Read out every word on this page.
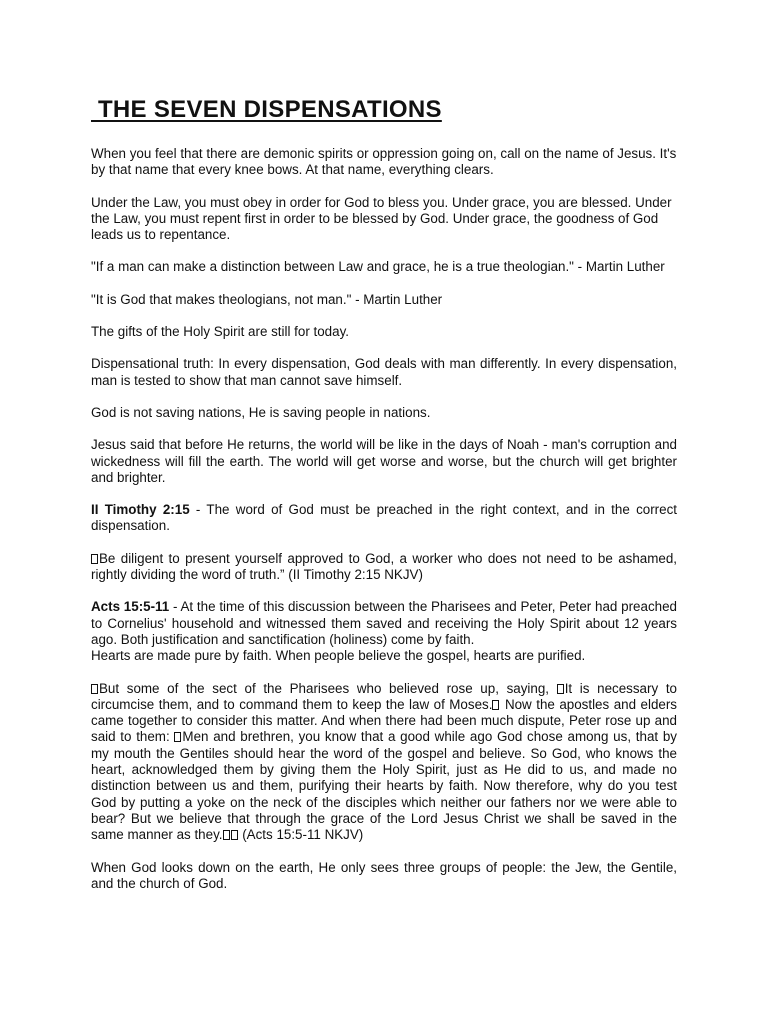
THE SEVEN DISPENSATIONS

When you feel that there are demonic spirits or oppression going on, call on the name of Jesus. It's by that name that every knee bows. At that name, everything clears.

Under the Law, you must obey in order for God to bless you. Under grace, you are blessed. Under the Law, you must repent first in order to be blessed by God. Under grace, the goodness of God leads us to repentance.

"If a man can make a distinction between Law and grace, he is a true theologian." - Martin Luther

"It is God that makes theologians, not man." - Martin Luther

The gifts of the Holy Spirit are still for today.

Dispensational truth: In every dispensation, God deals with man differently. In every dispensation, man is tested to show that man cannot save himself.

God is not saving nations, He is saving people in nations.

Jesus said that before He returns, the world will be like in the days of Noah - man's corruption and wickedness will fill the earth. The world will get worse and worse, but the church will get brighter and brighter.

II Timothy 2:15 - The word of God must be preached in the right context, and in the correct dispensation.

Be diligent to present yourself approved to God, a worker who does not need to be ashamed, rightly dividing the word of truth.” (II Timothy 2:15 NKJV)

Acts 15:5-11 - At the time of this discussion between the Pharisees and Peter, Peter had preached to Cornelius' household and witnessed them saved and receiving the Holy Spirit about 12 years ago. Both justification and sanctification (holiness) come by faith.
Hearts are made pure by faith. When people believe the gospel, hearts are purified.

But some of the sect of the Pharisees who believed rose up, saying, It is necessary to circumcise them, and to command them to keep the law of Moses. Now the apostles and elders came together to consider this matter. And when there had been much dispute, Peter rose up and said to them: Men and brethren, you know that a good while ago God chose among us, that by my mouth the Gentiles should hear the word of the gospel and believe. So God, who knows the heart, acknowledged them by giving them the Holy Spirit, just as He did to us, and made no distinction between us and them, purifying their hearts by faith. Now therefore, why do you test God by putting a yoke on the neck of the disciples which neither our fathers nor we were able to bear? But we believe that through the grace of the Lord Jesus Christ we shall be saved in the same manner as they. (Acts 15:5-11 NKJV)

When God looks down on the earth, He only sees three groups of people: the Jew, the Gentile, and the church of God.
